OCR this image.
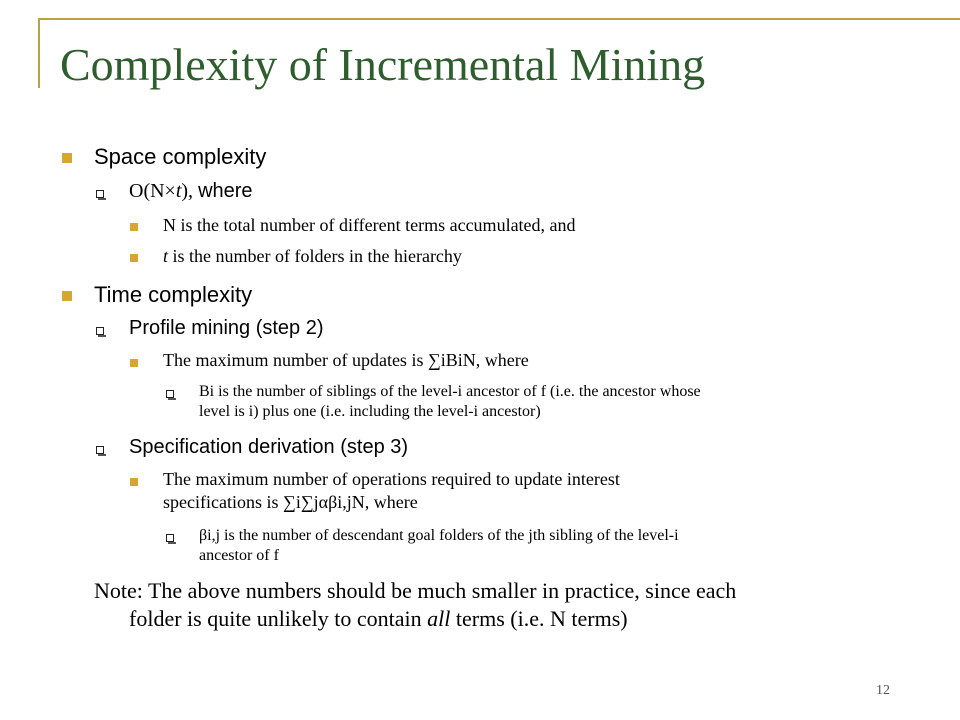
Complexity of Incremental Mining
Space complexity
O(N×t), where
N is the total number of different terms accumulated, and
t is the number of folders in the hierarchy
Time complexity
Profile mining (step 2)
The maximum number of updates is ∑iBiN, where
Bi is the number of siblings of the level-i ancestor of f (i.e. the ancestor whose
level is i) plus one (i.e. including the level-i ancestor)
Specification derivation (step 3)
The maximum number of operations required to update interest
specifications is ∑i∑jαβi,jN, where
βi,j is the number of descendant goal folders of the jth sibling of the level-i
ancestor of f
Note: The above numbers should be much smaller in practice, since each
folder is quite unlikely to contain all terms (i.e. N terms)
12
